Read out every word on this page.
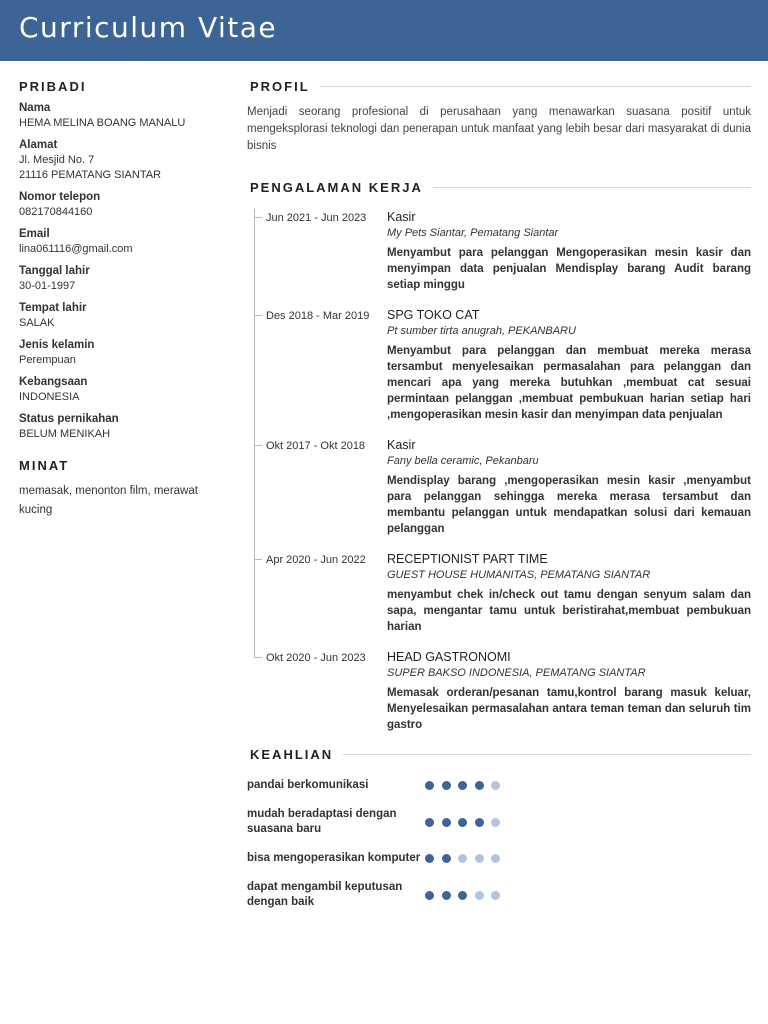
Curriculum Vitae
PRIBADI
Nama
HEMA MELINA BOANG MANALU
Alamat
Jl. Mesjid No. 7
21116 PEMATANG SIANTAR
Nomor telepon
082170844160
Email
lina061116@gmail.com
Tanggal lahir
30-01-1997
Tempat lahir
SALAK
Jenis kelamin
Perempuan
Kebangsaan
INDONESIA
Status pernikahan
BELUM MENIKAH
MINAT
memasak, menonton film, merawat kucing
PROFIL

Menjadi seorang profesional di perusahaan yang menawarkan suasana positif untuk mengeksplorasi teknologi dan penerapan untuk manfaat yang lebih besar dari masyarakat di dunia bisnis

PENGALAMAN KERJA
Jun 2021 - Jun 2023	Kasir
My Pets Siantar, Pematang Siantar
Menyambut para pelanggan Mengoperasikan mesin kasir dan menyimpan data penjualan Mendisplay barang Audit barang setiap minggu
Des 2018 - Mar 2019	SPG TOKO CAT
Pt sumber tirta anugrah, PEKANBARU
Menyambut para pelanggan dan membuat mereka merasa tersambut menyelesaikan permasalahan para pelanggan dan mencari apa yang mereka butuhkan ,membuat cat sesuai permintaan pelanggan ,membuat pembukuan harian setiap hari ,mengoperasikan mesin kasir dan menyimpan data penjualan
Okt 2017 - Okt 2018	Kasir
Fany bella ceramic, Pekanbaru
Mendisplay barang ,mengoperasikan mesin kasir ,menyambut para pelanggan sehingga mereka merasa tersambut dan membantu pelanggan untuk mendapatkan solusi dari kemauan pelanggan
Apr 2020 - Jun 2022	RECEPTIONIST PART TIME
GUEST HOUSE HUMANITAS, PEMATANG SIANTAR
menyambut chek in/check out tamu dengan senyum salam dan sapa, mengantar tamu untuk beristirahat,membuat pembukuan harian
Okt 2020 - Jun 2023	HEAD GASTRONOMI
SUPER BAKSO INDONESIA, PEMATANG SIANTAR
Memasak orderan/pesanan tamu,kontrol barang masuk keluar, Menyelesaikan permasalahan antara teman teman dan seluruh tim gastro
KEAHLIAN
pandai berkomunikasi
mudah beradaptasi dengan suasana baru
bisa mengoperasikan komputer
dapat mengambil keputusan dengan baik
